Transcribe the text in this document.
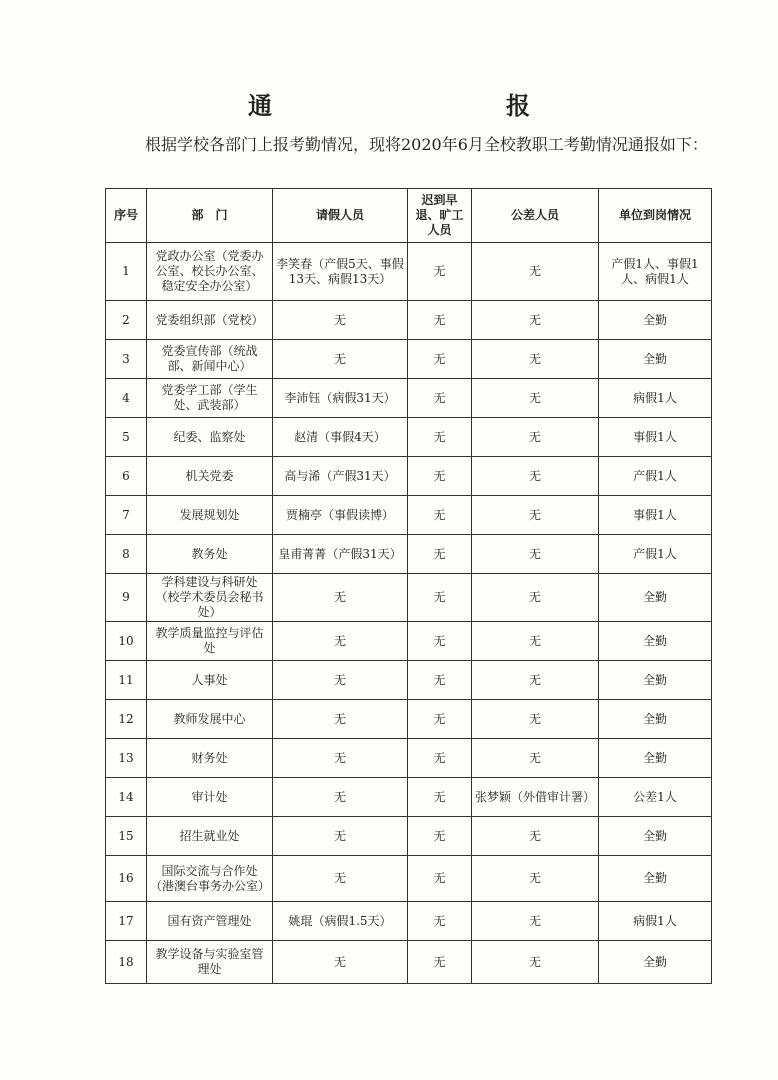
通　　报
根据学校各部门上报考勤情况，现将2020年6月全校教职工考勤情况通报如下：
序号	部　门	请假人员	迟到早退、旷工人员	公差人员	单位到岗情况
1	党政办公室（党委办公室、校长办公室、稳定安全办公室）	李笑春（产假5天、事假13天、病假13天）	无	无	产假1人、事假1人、病假1人
2	党委组织部（党校）	无	无	无	全勤
3	党委宣传部（统战部、新闻中心）	无	无	无	全勤
4	党委学工部（学生处、武装部）	李沛钰（病假31天）	无	无	病假1人
5	纪委、监察处	赵清（事假4天）	无	无	事假1人
6	机关党委	高与浠（产假31天）	无	无	产假1人
7	发展规划处	贾楠亭（事假读博）	无	无	事假1人
8	教务处	皇甫菁菁（产假31天）	无	无	产假1人
9	学科建设与科研处（校学术委员会秘书处）	无	无	无	全勤
10	教学质量监控与评估处	无	无	无	全勤
11	人事处	无	无	无	全勤
12	教师发展中心	无	无	无	全勤
13	财务处	无	无	无	全勤
14	审计处	无	无	张梦颖（外借审计署）	公差1人
15	招生就业处	无	无	无	全勤
16	国际交流与合作处（港澳台事务办公室）	无	无	无	全勤
17	国有资产管理处	姚琨（病假1.5天）	无	无	病假1人
18	教学设备与实验室管理处	无	无	无	全勤
